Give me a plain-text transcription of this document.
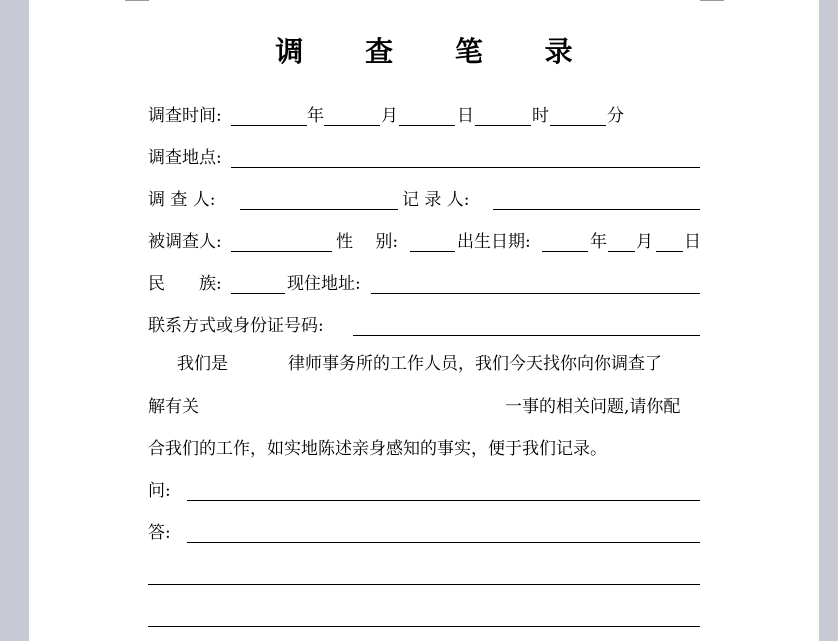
调 查 笔 录
调查时间:	年	月	日	时	分
调查地点:
调 查 人:	记 录 人:
被调查人:	性　 别:	出生日期:	年 月 日
民　　族:	现住地址:
联系方式或身份证号码:
我们是	律师事务所的工作人员，我们今天找你向你调查了
解有关	一事的相关问题,请你配
合我们的工作，如实地陈述亲身感知的事实，便于我们记录。
问:
答:
